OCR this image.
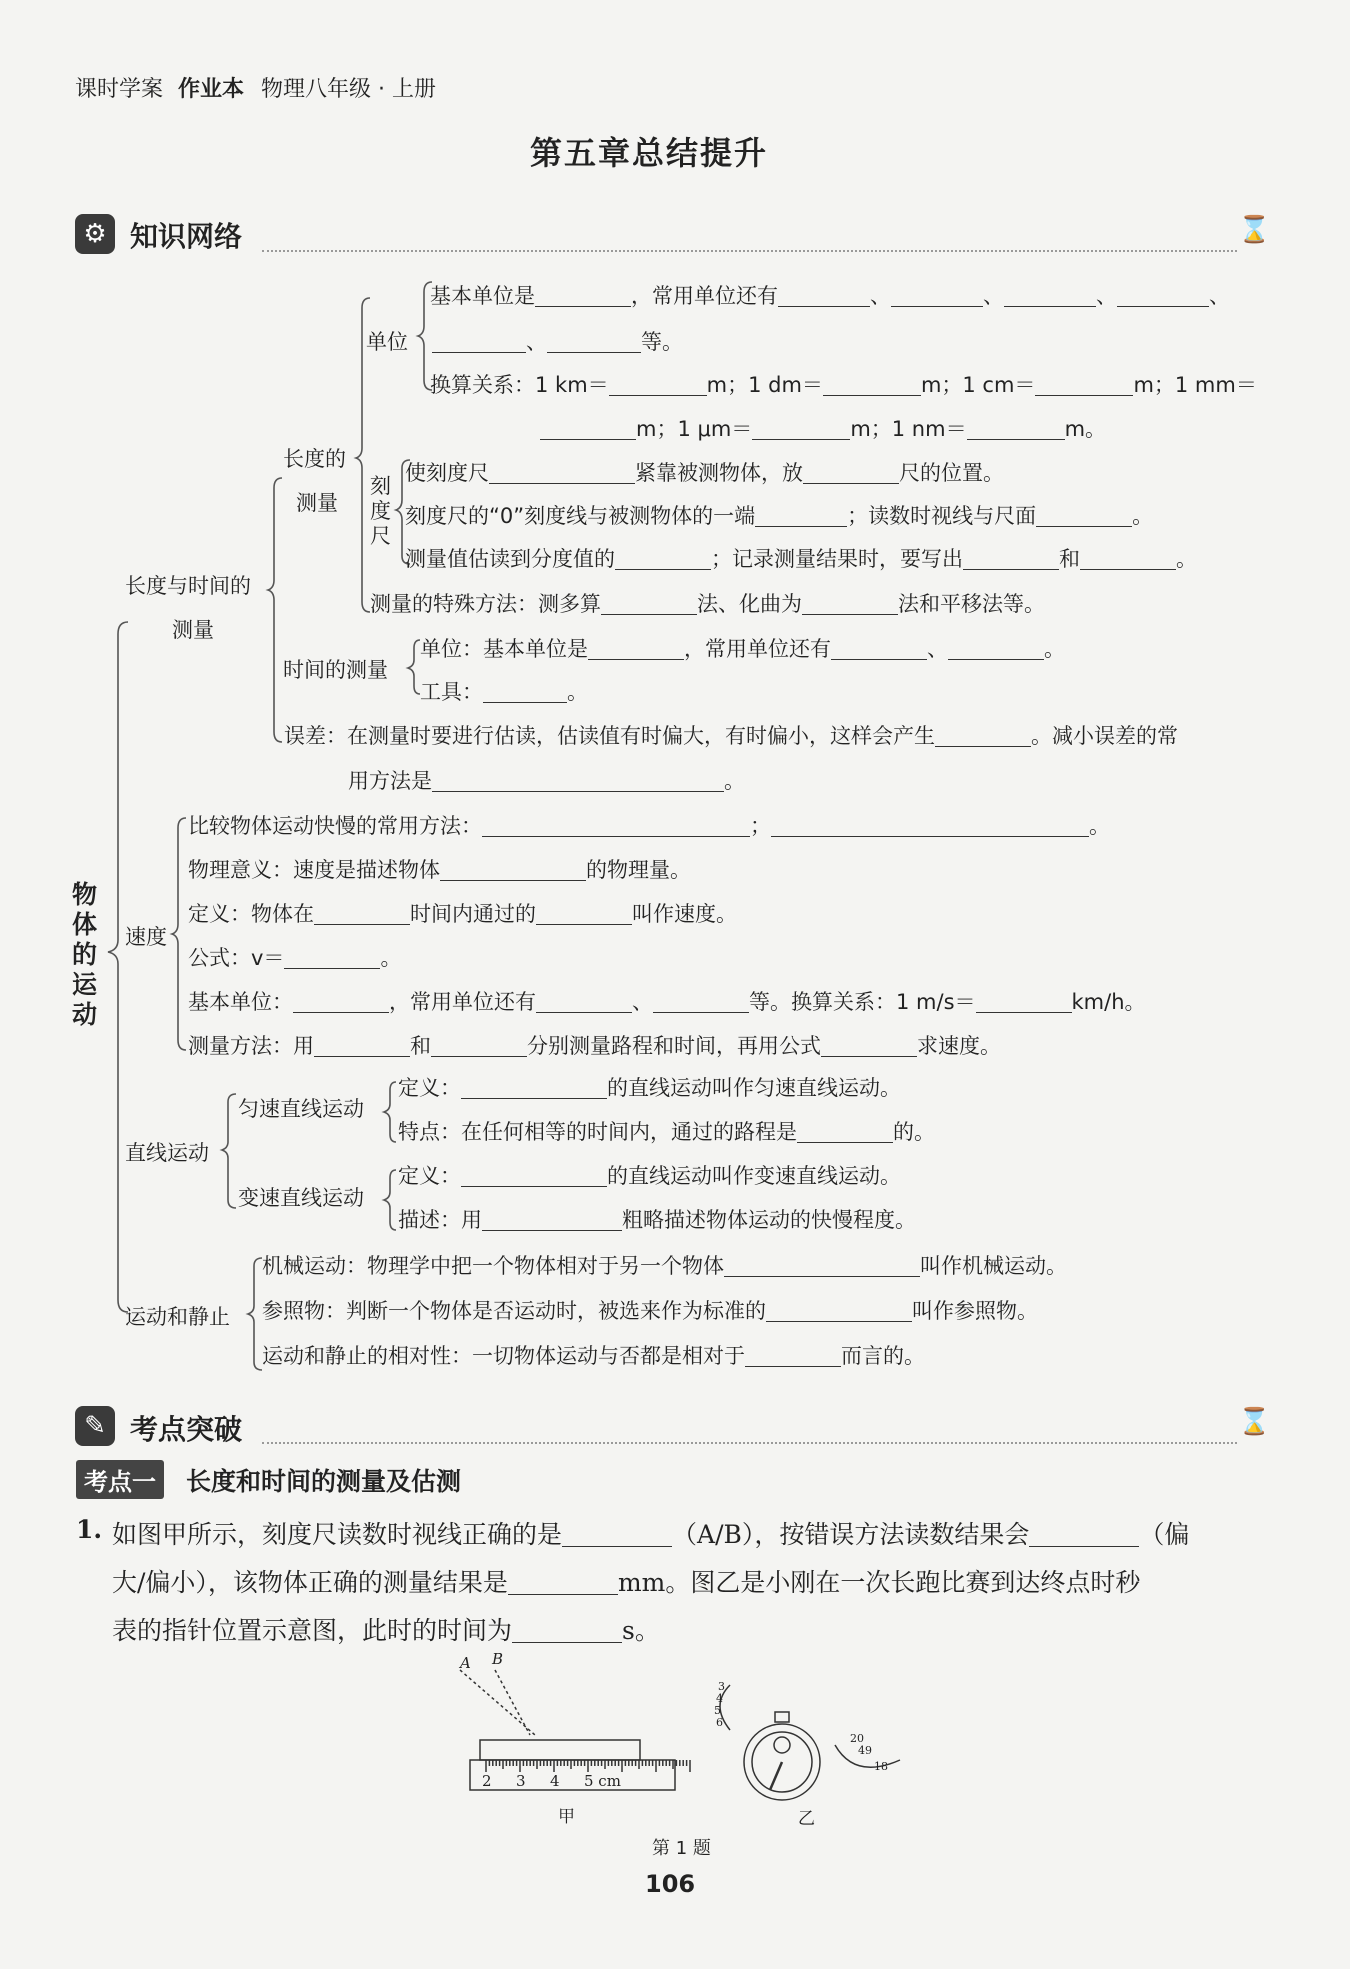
课时学案 作业本 物理八年级 · 上册
第五章总结提升
⚙ 知识网络	⌛
物体的运动
长度与时间的
测量
长度的
测量
单位
刻度尺
时间的测量
速度
直线运动
匀速直线运动
变速直线运动
运动和静止
基本单位是	，常用单位还有	、	、	、	、
、	等。
换算关系：1 km＝	m；1 dm＝	m；1 cm＝	m；1 mm＝
m；1 μm＝	m；1 nm＝	m。
使刻度尺	紧靠被测物体，放	尺的位置。
刻度尺的“0”刻度线与被测物体的一端	；读数时视线与尺面	。
测量值估读到分度值的	；记录测量结果时，要写出	和	。
测量的特殊方法：测多算	法、化曲为	法和平移法等。
单位：基本单位是	，常用单位还有	、	。
工具：	。
误差：在测量时要进行估读，估读值有时偏大，有时偏小，这样会产生	。减小误差的常
用方法是	。
比较物体运动快慢的常用方法：	；	。
物理意义：速度是描述物体	的物理量。
定义：物体在	时间内通过的	叫作速度。
公式：v＝	。
基本单位：	，常用单位还有	、	等。换算关系：1 m/s＝	km/h。
测量方法：用	和	分别测量路程和时间，再用公式	求速度。
定义：	的直线运动叫作匀速直线运动。
特点：在任何相等的时间内，通过的路程是	的。
定义：	的直线运动叫作变速直线运动。
描述：用	粗略描述物体运动的快慢程度。
机械运动：物理学中把一个物体相对于另一个物体	叫作机械运动。
参照物：判断一个物体是否运动时，被选来作为标准的	叫作参照物。
运动和静止的相对性：一切物体运动与否都是相对于	而言的。
✎ 考点突破	⌛
考点一	长度和时间的测量及估测
1. 如图甲所示，刻度尺读数时视线正确的是	（A/B），按错误方法读数结果会	（偏
大/偏小），该物体正确的测量结果是	mm。图乙是小刚在一次长跑比赛到达终点时秒
表的指针位置示意图，此时的时间为	s。
A B
2 3 4 5 cm
3
4
5
6
20
49
18
甲	乙
第 1 题
106
